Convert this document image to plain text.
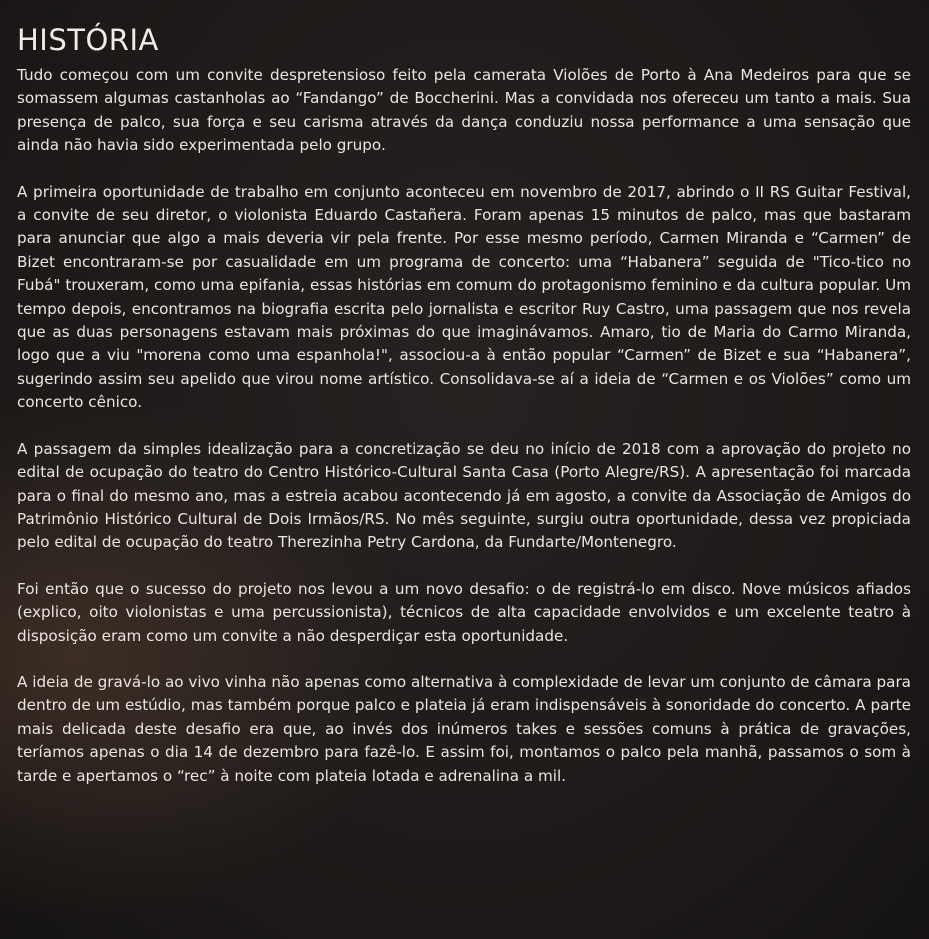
HISTÓRIA

Tudo começou com um convite despretensioso feito pela camerata Violões de Porto à Ana Medeiros para que se somassem algumas castanholas ao “Fandango” de Boccherini. Mas a convidada nos ofereceu um tanto a mais. Sua presença de palco, sua força e seu carisma através da dança conduziu nossa performance a uma sensação que ainda não havia sido experimentada pelo grupo.

A primeira oportunidade de trabalho em conjunto aconteceu em novembro de 2017, abrindo o II RS Guitar Festival, a convite de seu diretor, o violonista Eduardo Castañera. Foram apenas 15 minutos de palco, mas que bastaram para anunciar que algo a mais deveria vir pela frente. Por esse mesmo período, Carmen Miranda e “Carmen” de Bizet encontraram-se por casualidade em um programa de concerto: uma “Habanera” seguida de "Tico-tico no Fubá" trouxeram, como uma epifania, essas histórias em comum do protagonismo feminino e da cultura popular. Um tempo depois, encontramos na biografia escrita pelo jornalista e escritor Ruy Castro, uma passagem que nos revela que as duas personagens estavam mais próximas do que imaginávamos. Amaro, tio de Maria do Carmo Miranda, logo que a viu "morena como uma espanhola!", associou-a à então popular “Carmen” de Bizet e sua “Habanera”, sugerindo assim seu apelido que virou nome artístico. Consolidava-se aí a ideia de “Carmen e os Violões” como um concerto cênico.

A passagem da simples idealização para a concretização se deu no início de 2018 com a aprovação do projeto no edital de ocupação do teatro do Centro Histórico-Cultural Santa Casa (Porto Alegre/RS). A apresentação foi marcada para o final do mesmo ano, mas a estreia acabou acontecendo já em agosto, a convite da Associação de Amigos do Patrimônio Histórico Cultural de Dois Irmãos/RS. No mês seguinte, surgiu outra oportunidade, dessa vez propiciada pelo edital de ocupação do teatro Therezinha Petry Cardona, da Fundarte/Montenegro.

Foi então que o sucesso do projeto nos levou a um novo desafio: o de registrá-lo em disco. Nove músicos afiados (explico, oito violonistas e uma percussionista), técnicos de alta capacidade envolvidos e um excelente teatro à disposição eram como um convite a não desperdiçar esta oportunidade.

A ideia de gravá-lo ao vivo vinha não apenas como alternativa à complexidade de levar um conjunto de câmara para dentro de um estúdio, mas também porque palco e plateia já eram indispensáveis à sonoridade do concerto. A parte mais delicada deste desafio era que, ao invés dos inúmeros takes e sessões comuns à prática de gravações, teríamos apenas o dia 14 de dezembro para fazê-lo. E assim foi, montamos o palco pela manhã, passamos o som à tarde e apertamos o “rec” à noite com plateia lotada e adrenalina a mil.
